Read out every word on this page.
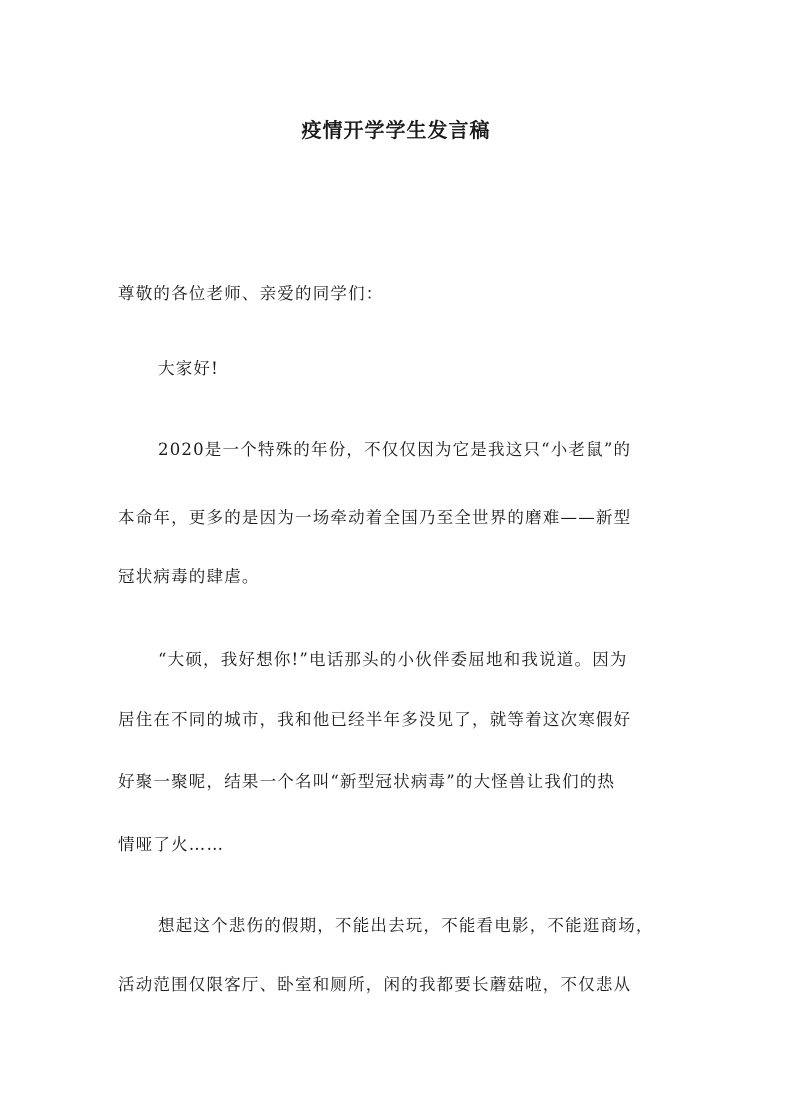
疫情开学学生发言稿

尊敬的各位老师、亲爱的同学们：

大家好!

2020是一个特殊的年份，不仅仅因为它是我这只“小老鼠”的

本命年，更多的是因为一场牵动着全国乃至全世界的磨难——新型

冠状病毒的肆虐。

“大硕，我好想你!”电话那头的小伙伴委屈地和我说道。因为

居住在不同的城市，我和他已经半年多没见了，就等着这次寒假好

好聚一聚呢，结果一个名叫“新型冠状病毒”的大怪兽让我们的热

情哑了火……

想起这个悲伤的假期，不能出去玩，不能看电影，不能逛商场，

活动范围仅限客厅、卧室和厕所，闲的我都要长蘑菇啦，不仅悲从
